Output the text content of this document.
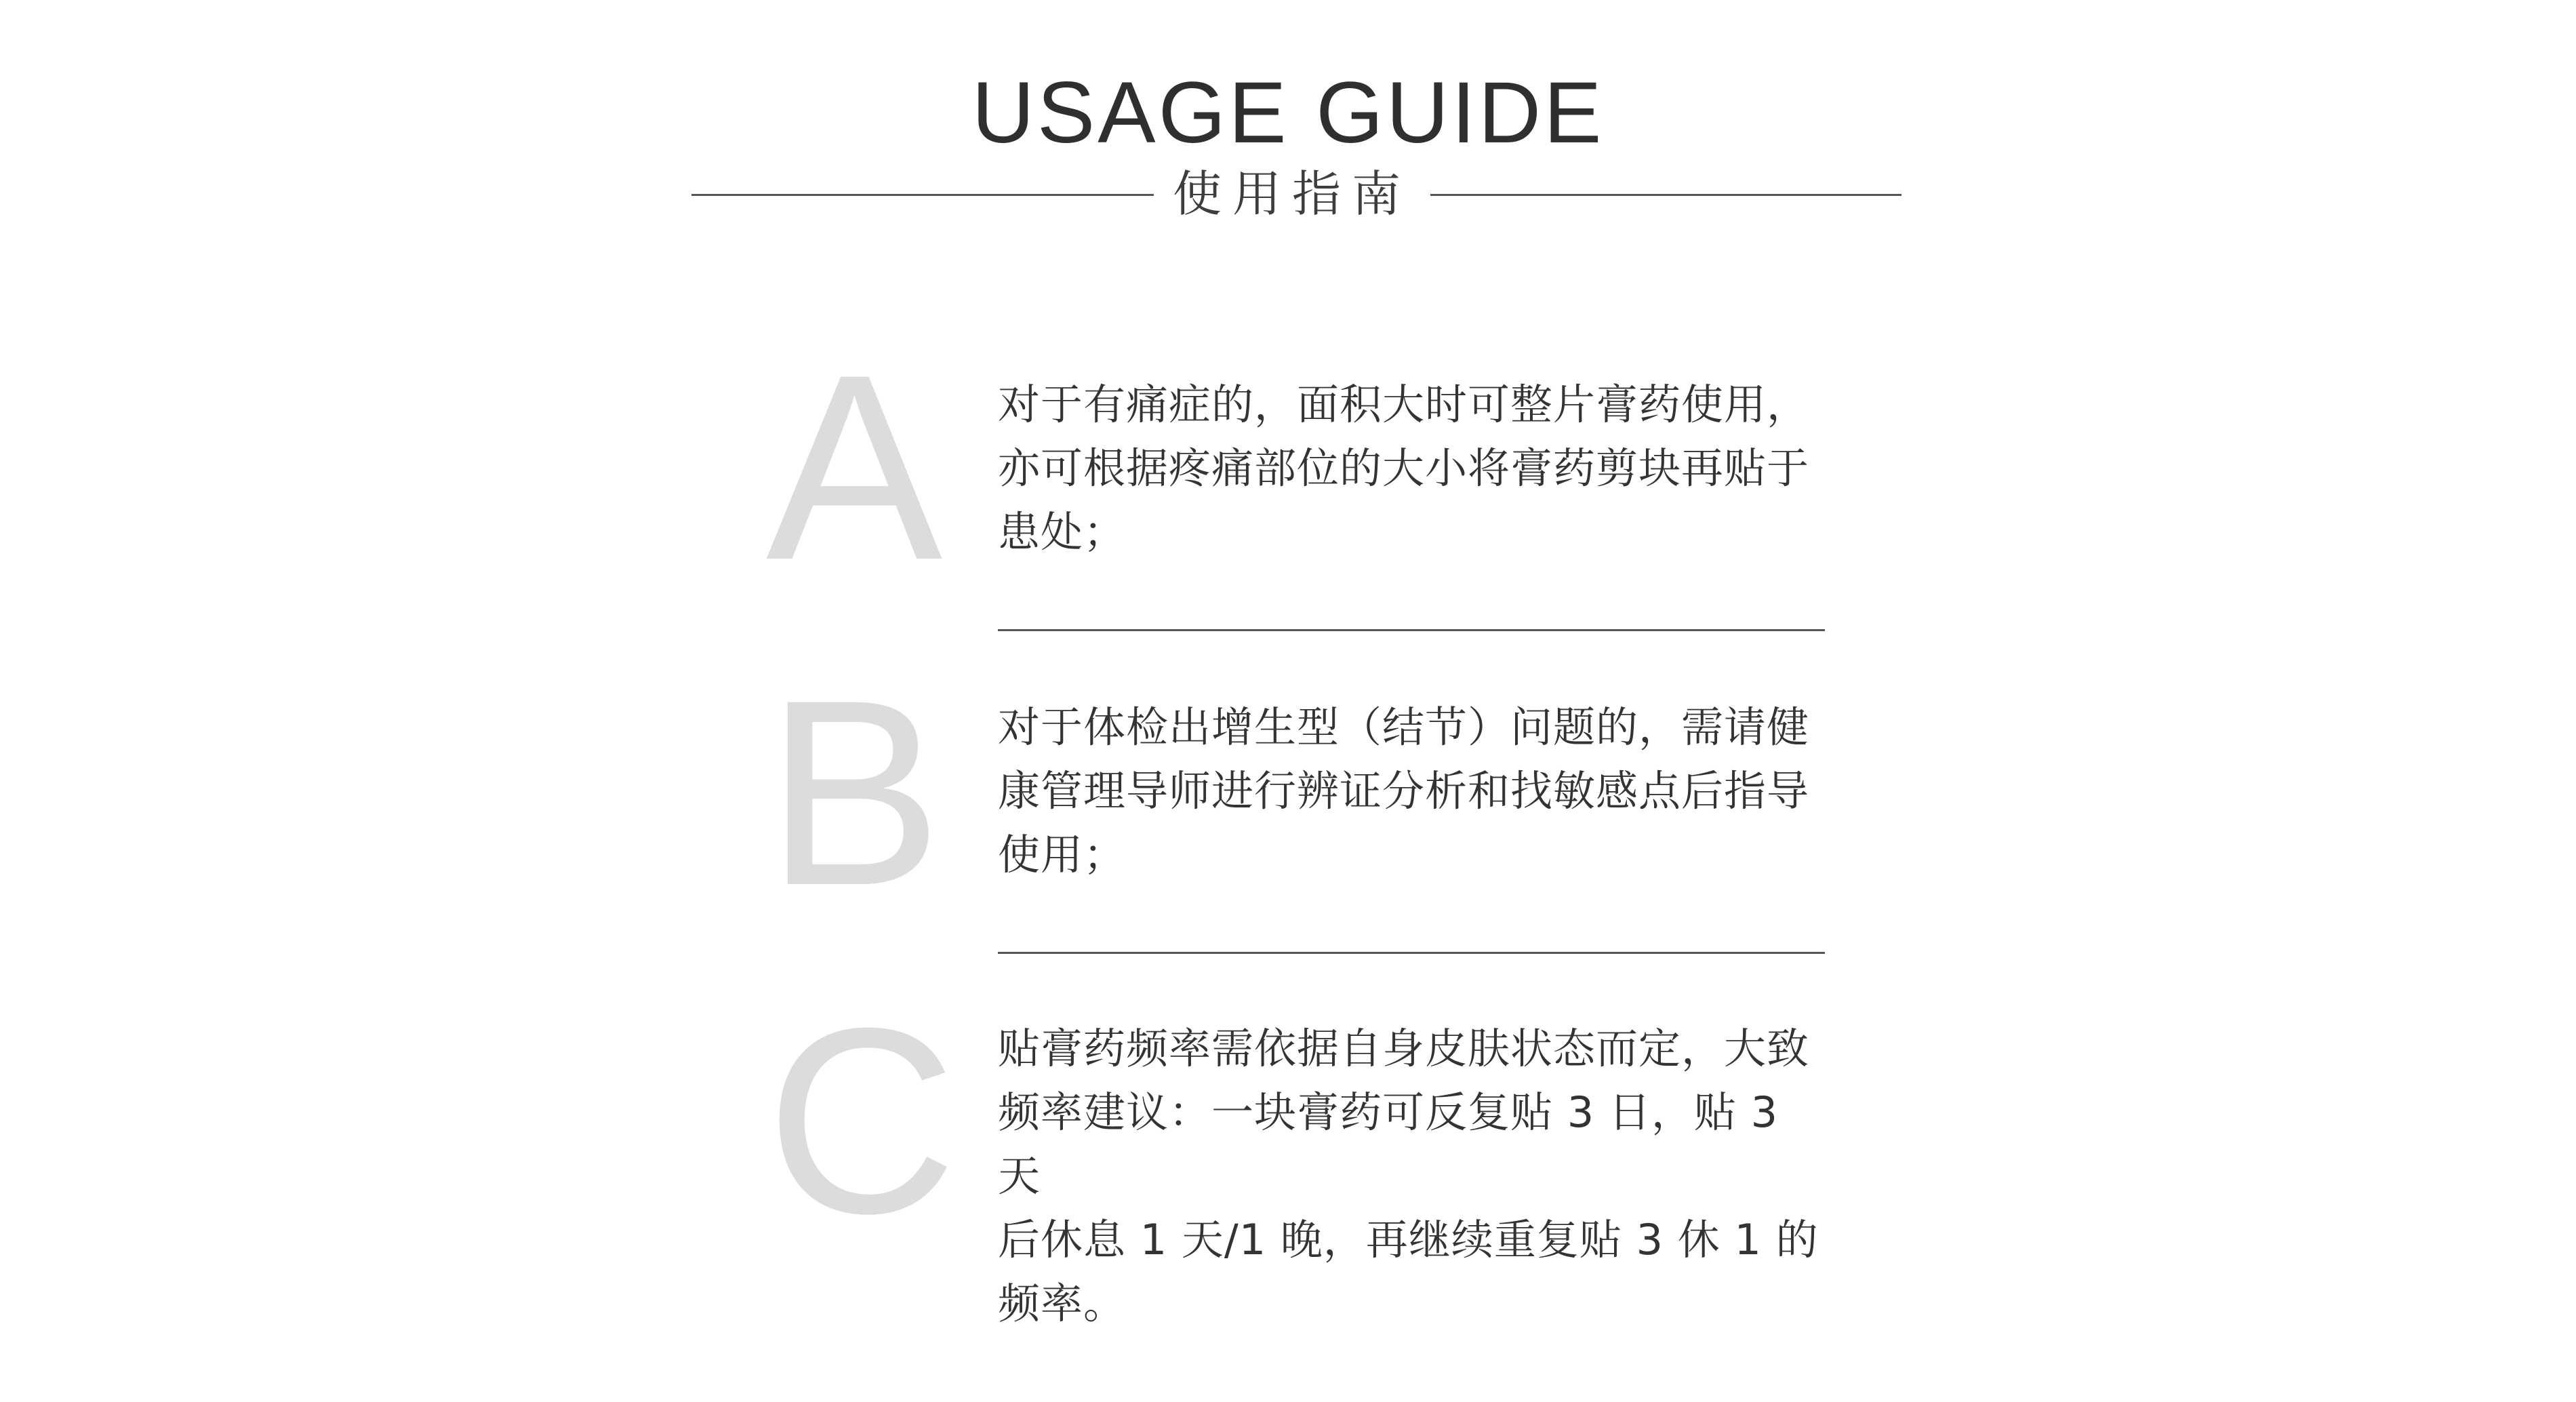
USAGE GUIDE
使用指南
A 对于有痛症的，面积大时可整片膏药使用，
亦可根据疼痛部位的大小将膏药剪块再贴于
患处；

B 对于体检出增生型（结节）问题的，需请健
康管理导师进行辨证分析和找敏感点后指导
使用；

C 贴膏药频率需依据自身皮肤状态而定，大致
频率建议：一块膏药可反复贴 3 日，贴 3 天
后休息 1 天/1 晚，再继续重复贴 3 休 1 的
频率。
